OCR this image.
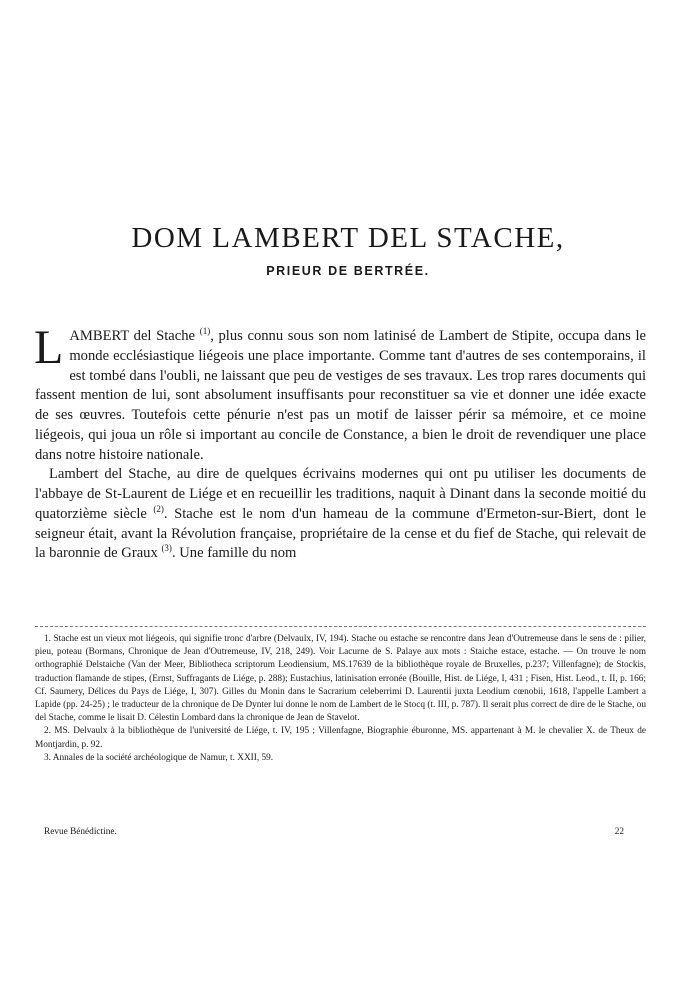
DOM LAMBERT DEL STACHE,
PRIEUR DE BERTRÉE.

LAMBERT del Stache $^{(1)}$, plus connu sous son nom latinisé de Lambert de Stipite, occupa dans le monde ecclésiastique liégeois une place importante. Comme tant d'autres de ses contemporains, il est tombé dans l'oubli, ne laissant que peu de vestiges de ses travaux. Les trop rares documents qui fassent mention de lui, sont absolument insuffisants pour reconstituer sa vie et donner une idée exacte de ses œuvres. Toutefois cette pénurie n'est pas un motif de laisser périr sa mémoire, et ce moine liégeois, qui joua un rôle si important au concile de Constance, a bien le droit de revendiquer une place dans notre histoire nationale.

Lambert del Stache, au dire de quelques écrivains modernes qui ont pu utiliser les documents de l'abbaye de St-Laurent de Liége et en recueillir les traditions, naquit à Dinant dans la seconde moitié du quatorzième siècle $^{(2)}$. Stache est le nom d'un hameau de la commune d'Ermeton-sur-Biert, dont le seigneur était, avant la Révolution française, propriétaire de la cense et du fief de Stache, qui relevait de la baronnie de Graux $^{(3)}$. Une famille du nom

1. Stache est un vieux mot liégeois, qui signifie tronc d'arbre (Delvaulx, IV, 194). Stache ou estache se rencontre dans Jean d'Outremeuse dans le sens de : pilier, pieu, poteau (Bormans, Chronique de Jean d'Outremeuse, IV, 218, 249). Voir Lacurne de S. Palaye aux mots : Staiche estace, estache. — On trouve le nom orthographié Delstaiche (Van der Meer, Bibliotheca scriptorum Leodiensium, MS.17639 de la bibliothèque royale de Bruxelles, p.237; Villenfagne); de Stockis, traduction flamande de stipes, (Ernst, Suffragants de Liége, p. 288); Eustachius, latinisation erronée (Bouille, Hist. de Liége, I, 431 ; Fisen, Hist. Leod., t. II, p. 166; Cf. Saumery, Délices du Pays de Liége, I, 307). Gilles du Monin dans le Sacrarium celeberrimi D. Laurentii juxta Leodium cœnobii, 1618, l'appelle Lambert a Lapide (pp. 24-25) ; le traducteur de la chronique de De Dynter lui donne le nom de Lambert de le Stocq (t. III, p. 787). Il serait plus correct de dire de le Stache, ou del Stache, comme le lisait D. Célestin Lombard dans la chronique de Jean de Stavelot.

2. MS. Delvaulx à la bibliothèque de l'université de Liége, t. IV, 195 ; Villenfagne, Biographie éburonne, MS. appartenant à M. le chevalier X. de Theux de Montjardin, p. 92.

3. Annales de la société archéologique de Namur, t. XXII, 59.

Revue Bénédictine.	22
